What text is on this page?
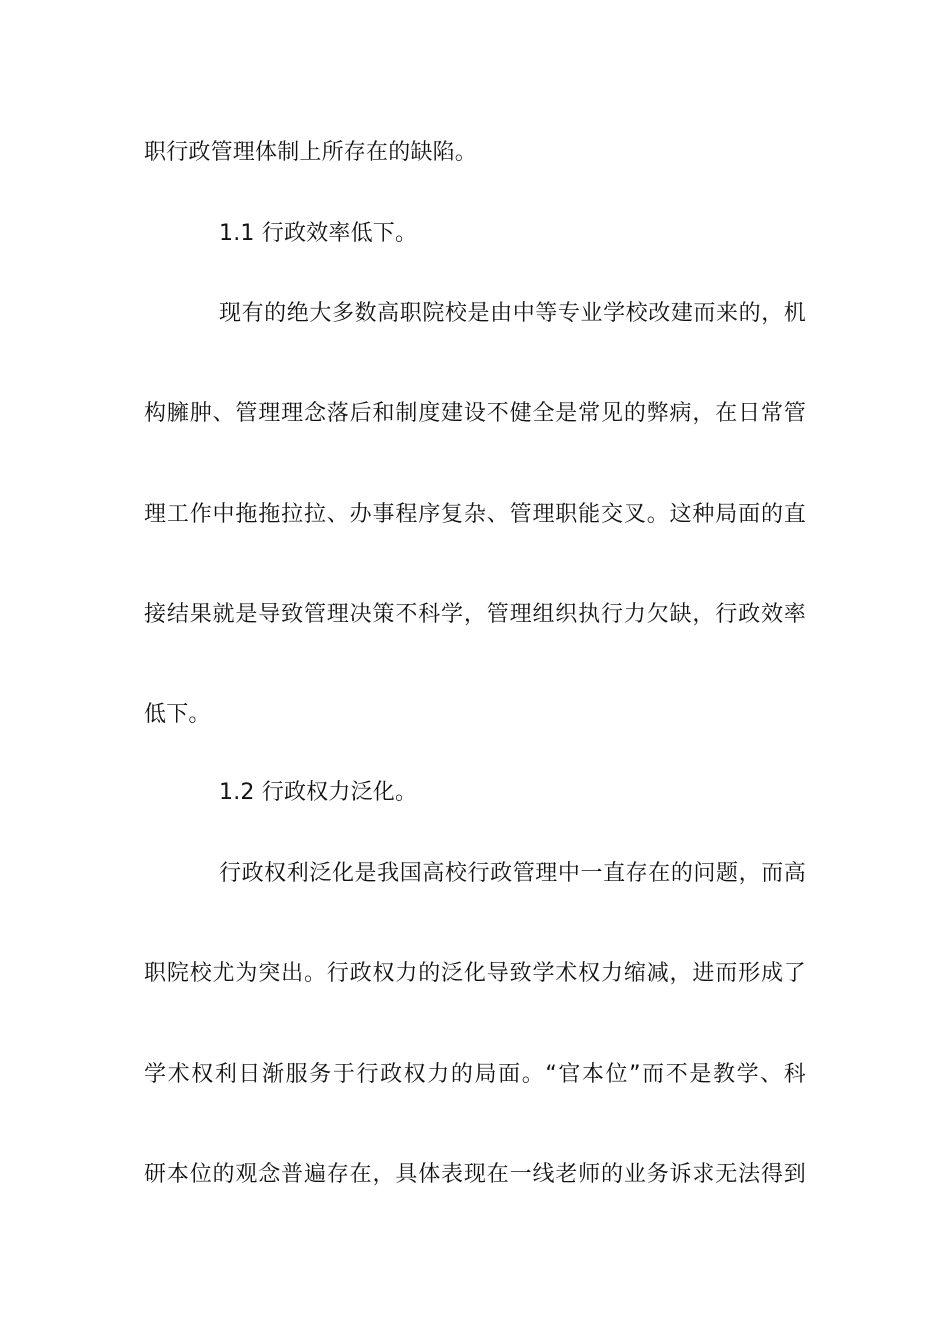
职行政管理体制上所存在的缺陷。
1.1 行政效率低下。
现有的绝大多数高职院校是由中等专业学校改建而来的，机
构臃肿、管理理念落后和制度建设不健全是常见的弊病，在日常管
理工作中拖拖拉拉、办事程序复杂、管理职能交叉。这种局面的直
接结果就是导致管理决策不科学，管理组织执行力欠缺，行政效率
低下。
1.2 行政权力泛化。
行政权利泛化是我国高校行政管理中一直存在的问题，而高
职院校尤为突出。行政权力的泛化导致学术权力缩减，进而形成了
学术权利日渐服务于行政权力的局面。“官本位”而不是教学、科
研本位的观念普遍存在，具体表现在一线老师的业务诉求无法得到
